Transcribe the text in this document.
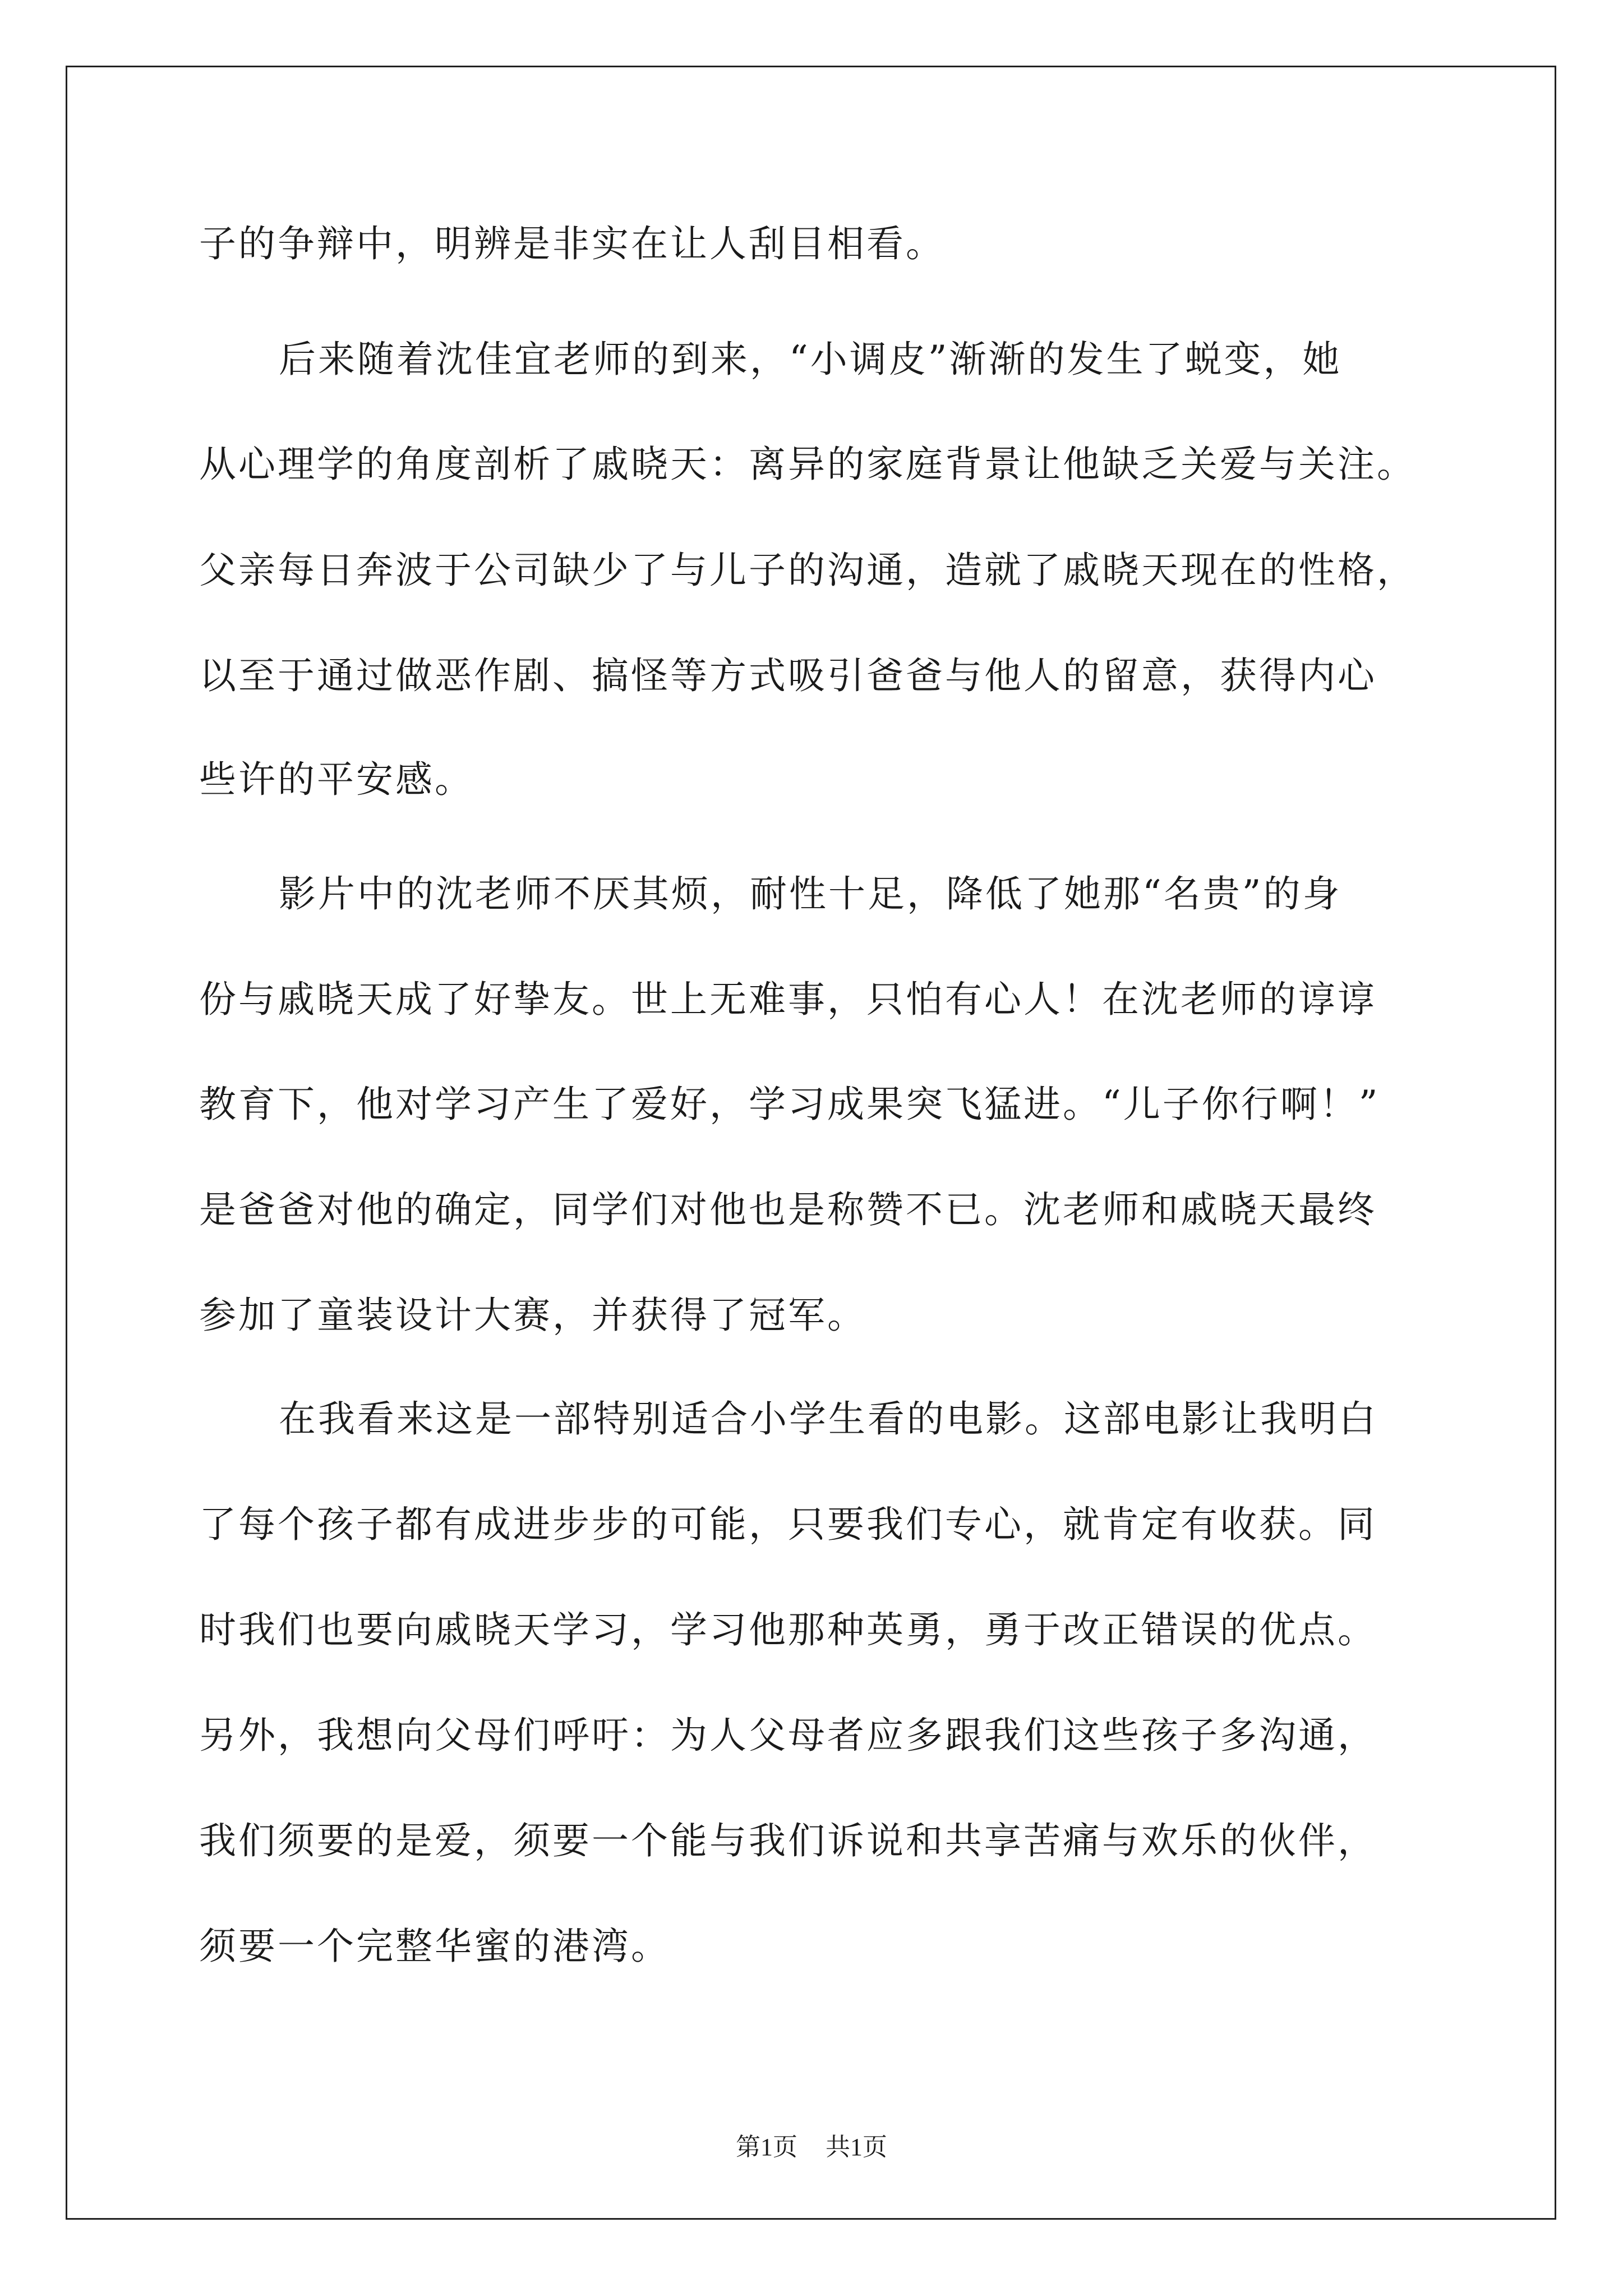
子的争辩中，明辨是非实在让人刮目相看。
后来随着沈佳宜老师的到来，“小调皮”渐渐的发生了蜕变，她
从心理学的角度剖析了戚晓天：离异的家庭背景让他缺乏关爱与关注。
父亲每日奔波于公司缺少了与儿子的沟通，造就了戚晓天现在的性格，
以至于通过做恶作剧、搞怪等方式吸引爸爸与他人的留意，获得内心
些许的平安感。
影片中的沈老师不厌其烦，耐性十足，降低了她那“名贵”的身
份与戚晓天成了好挚友。世上无难事，只怕有心人！在沈老师的谆谆
教育下，他对学习产生了爱好，学习成果突飞猛进。“儿子你行啊！”
是爸爸对他的确定，同学们对他也是称赞不已。沈老师和戚晓天最终
参加了童装设计大赛，并获得了冠军。
在我看来这是一部特别适合小学生看的电影。这部电影让我明白
了每个孩子都有成进步步的可能，只要我们专心，就肯定有收获。同
时我们也要向戚晓天学习，学习他那种英勇，勇于改正错误的优点。
另外，我想向父母们呼吁：为人父母者应多跟我们这些孩子多沟通，
我们须要的是爱，须要一个能与我们诉说和共享苦痛与欢乐的伙伴，
须要一个完整华蜜的港湾。
第1页 共1页
